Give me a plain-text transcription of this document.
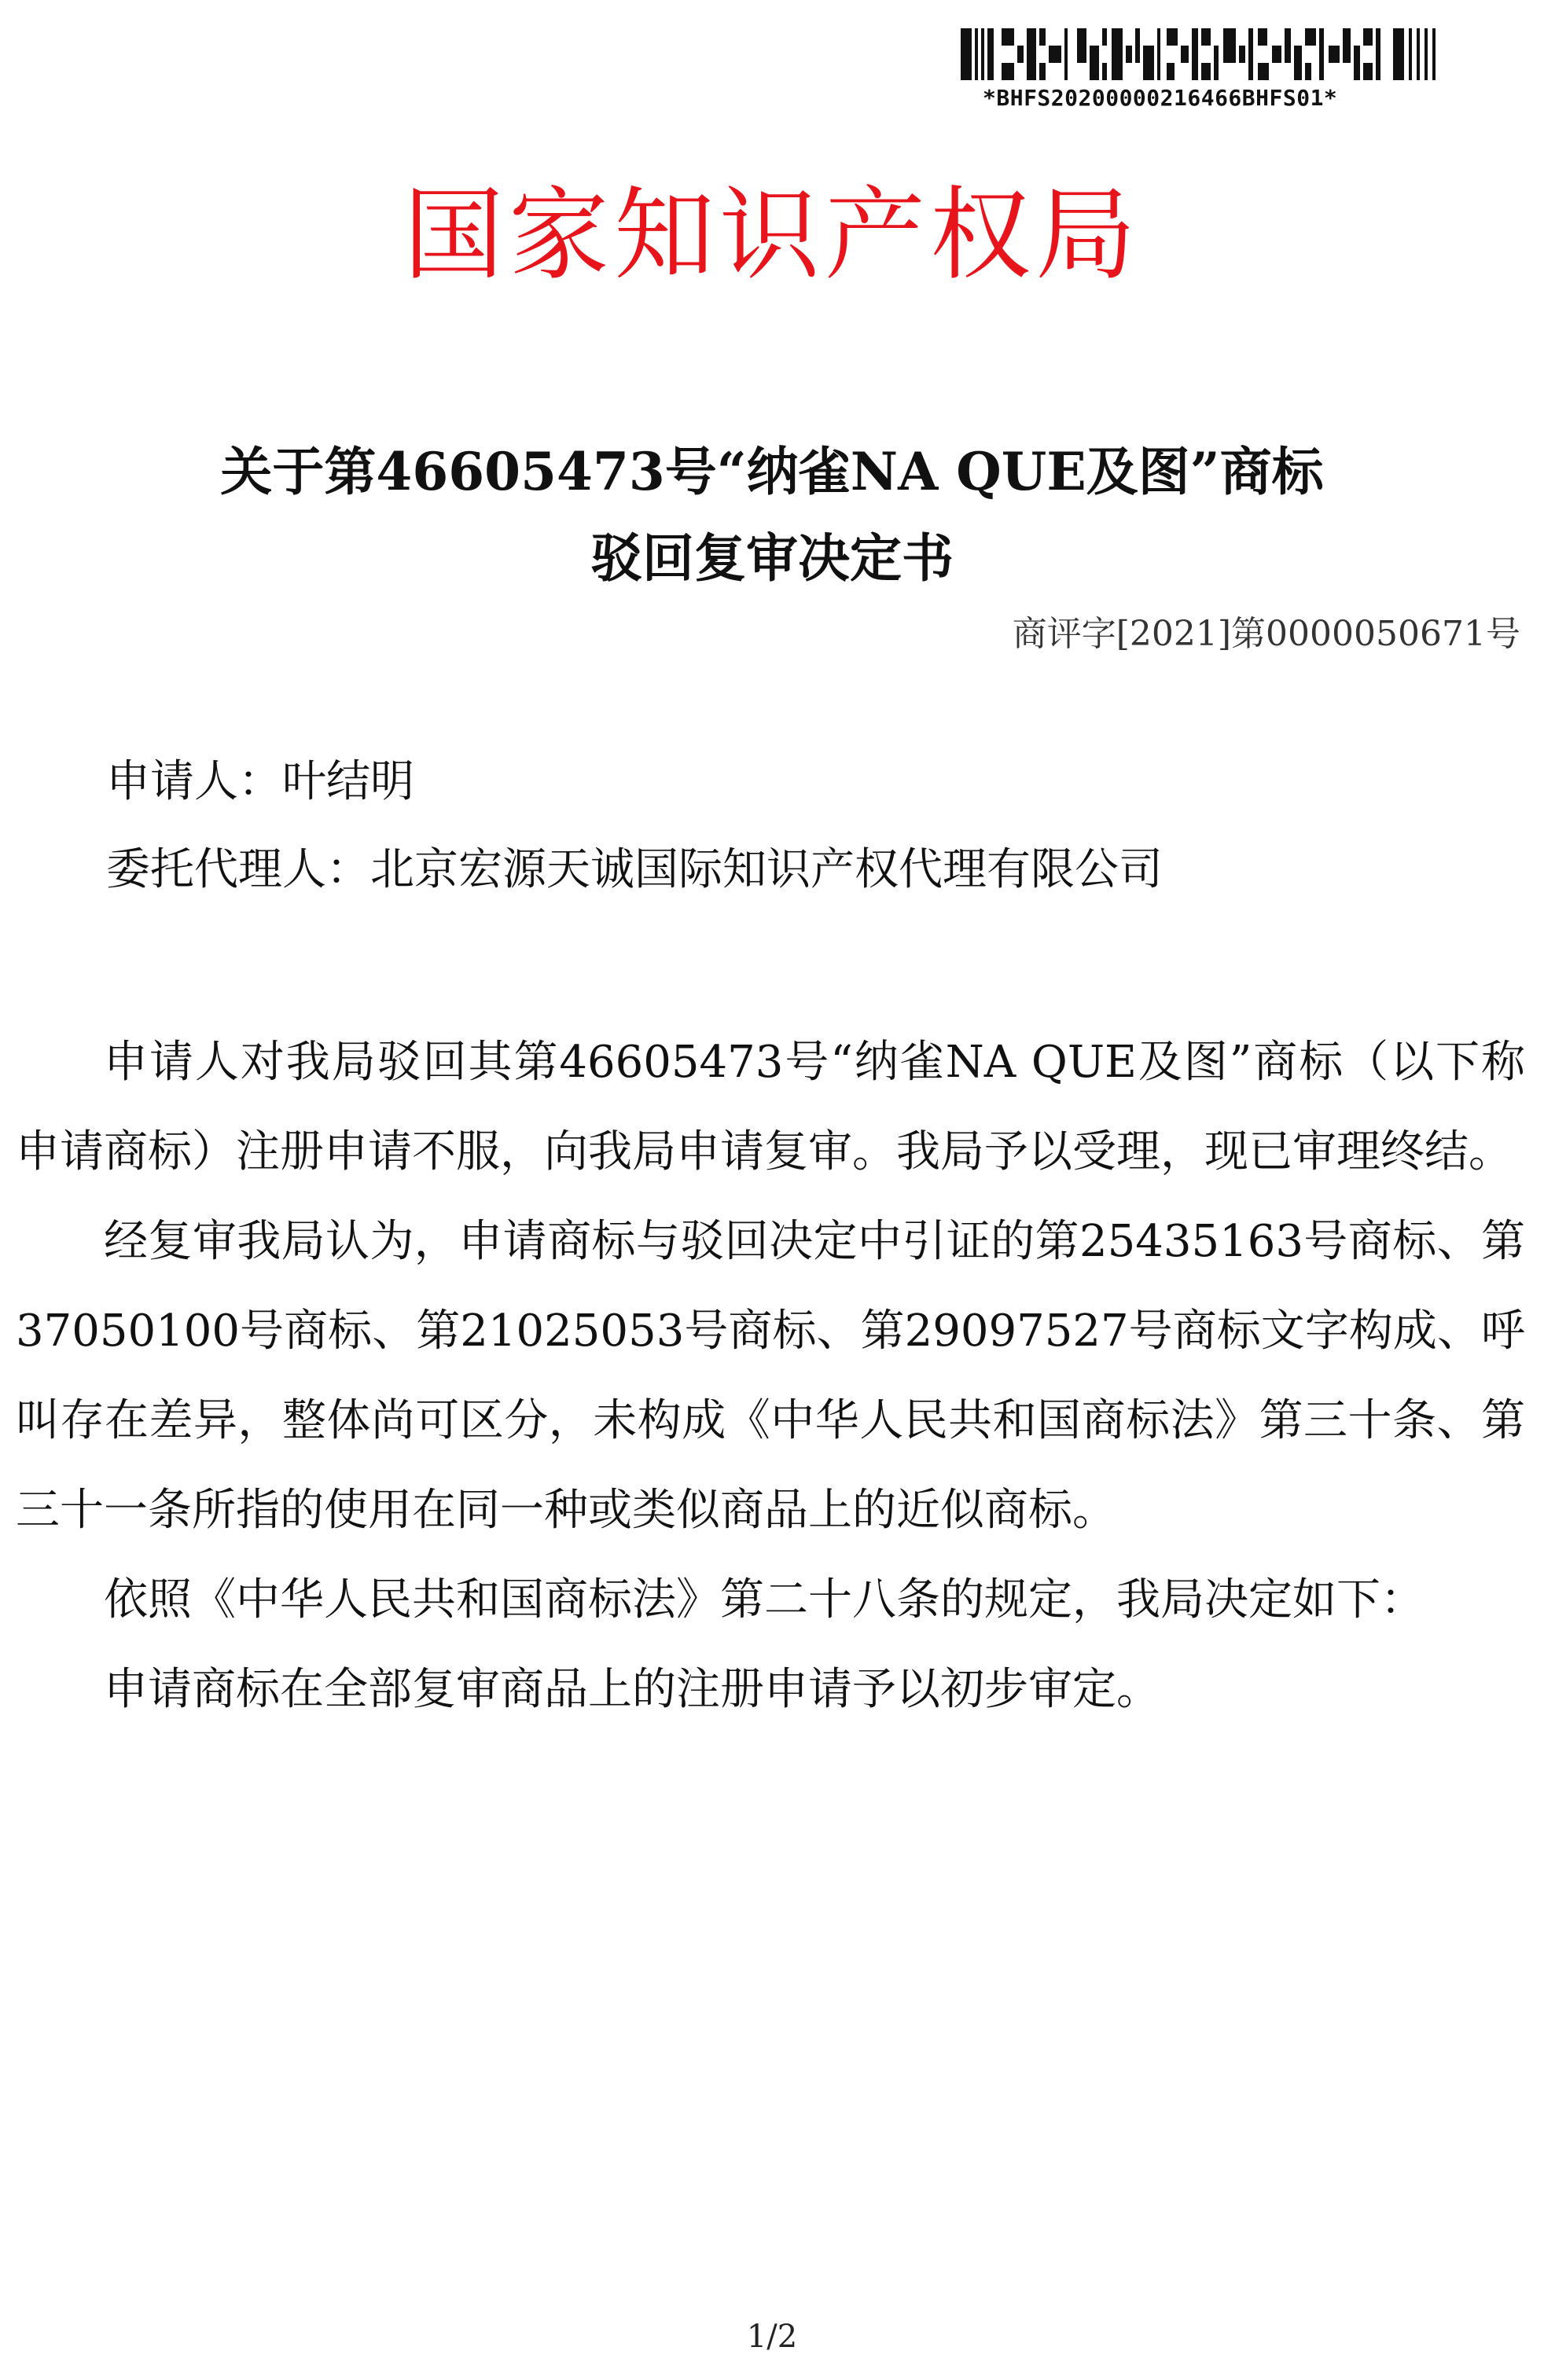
*BHFS20200000216466BHFS01*
国家知识产权局
关于第46605473号“纳雀NA QUE及图”商标
驳回复审决定书
商评字[2021]第0000050671号
申请人：叶结明
委托代理人：北京宏源天诚国际知识产权代理有限公司

申请人对我局驳回其第46605473号“纳雀NA QUE及图”商标（以下称申请商标）注册申请不服，向我局申请复审。我局予以受理，现已审理终结。

经复审我局认为，申请商标与驳回决定中引证的第25435163号商标、第37050100号商标、第21025053号商标、第29097527号商标文字构成、呼叫存在差异，整体尚可区分，未构成《中华人民共和国商标法》第三十条、第三十一条所指的使用在同一种或类似商品上的近似商标。

依照《中华人民共和国商标法》第二十八条的规定，我局决定如下：

申请商标在全部复审商品上的注册申请予以初步审定。

1/2
